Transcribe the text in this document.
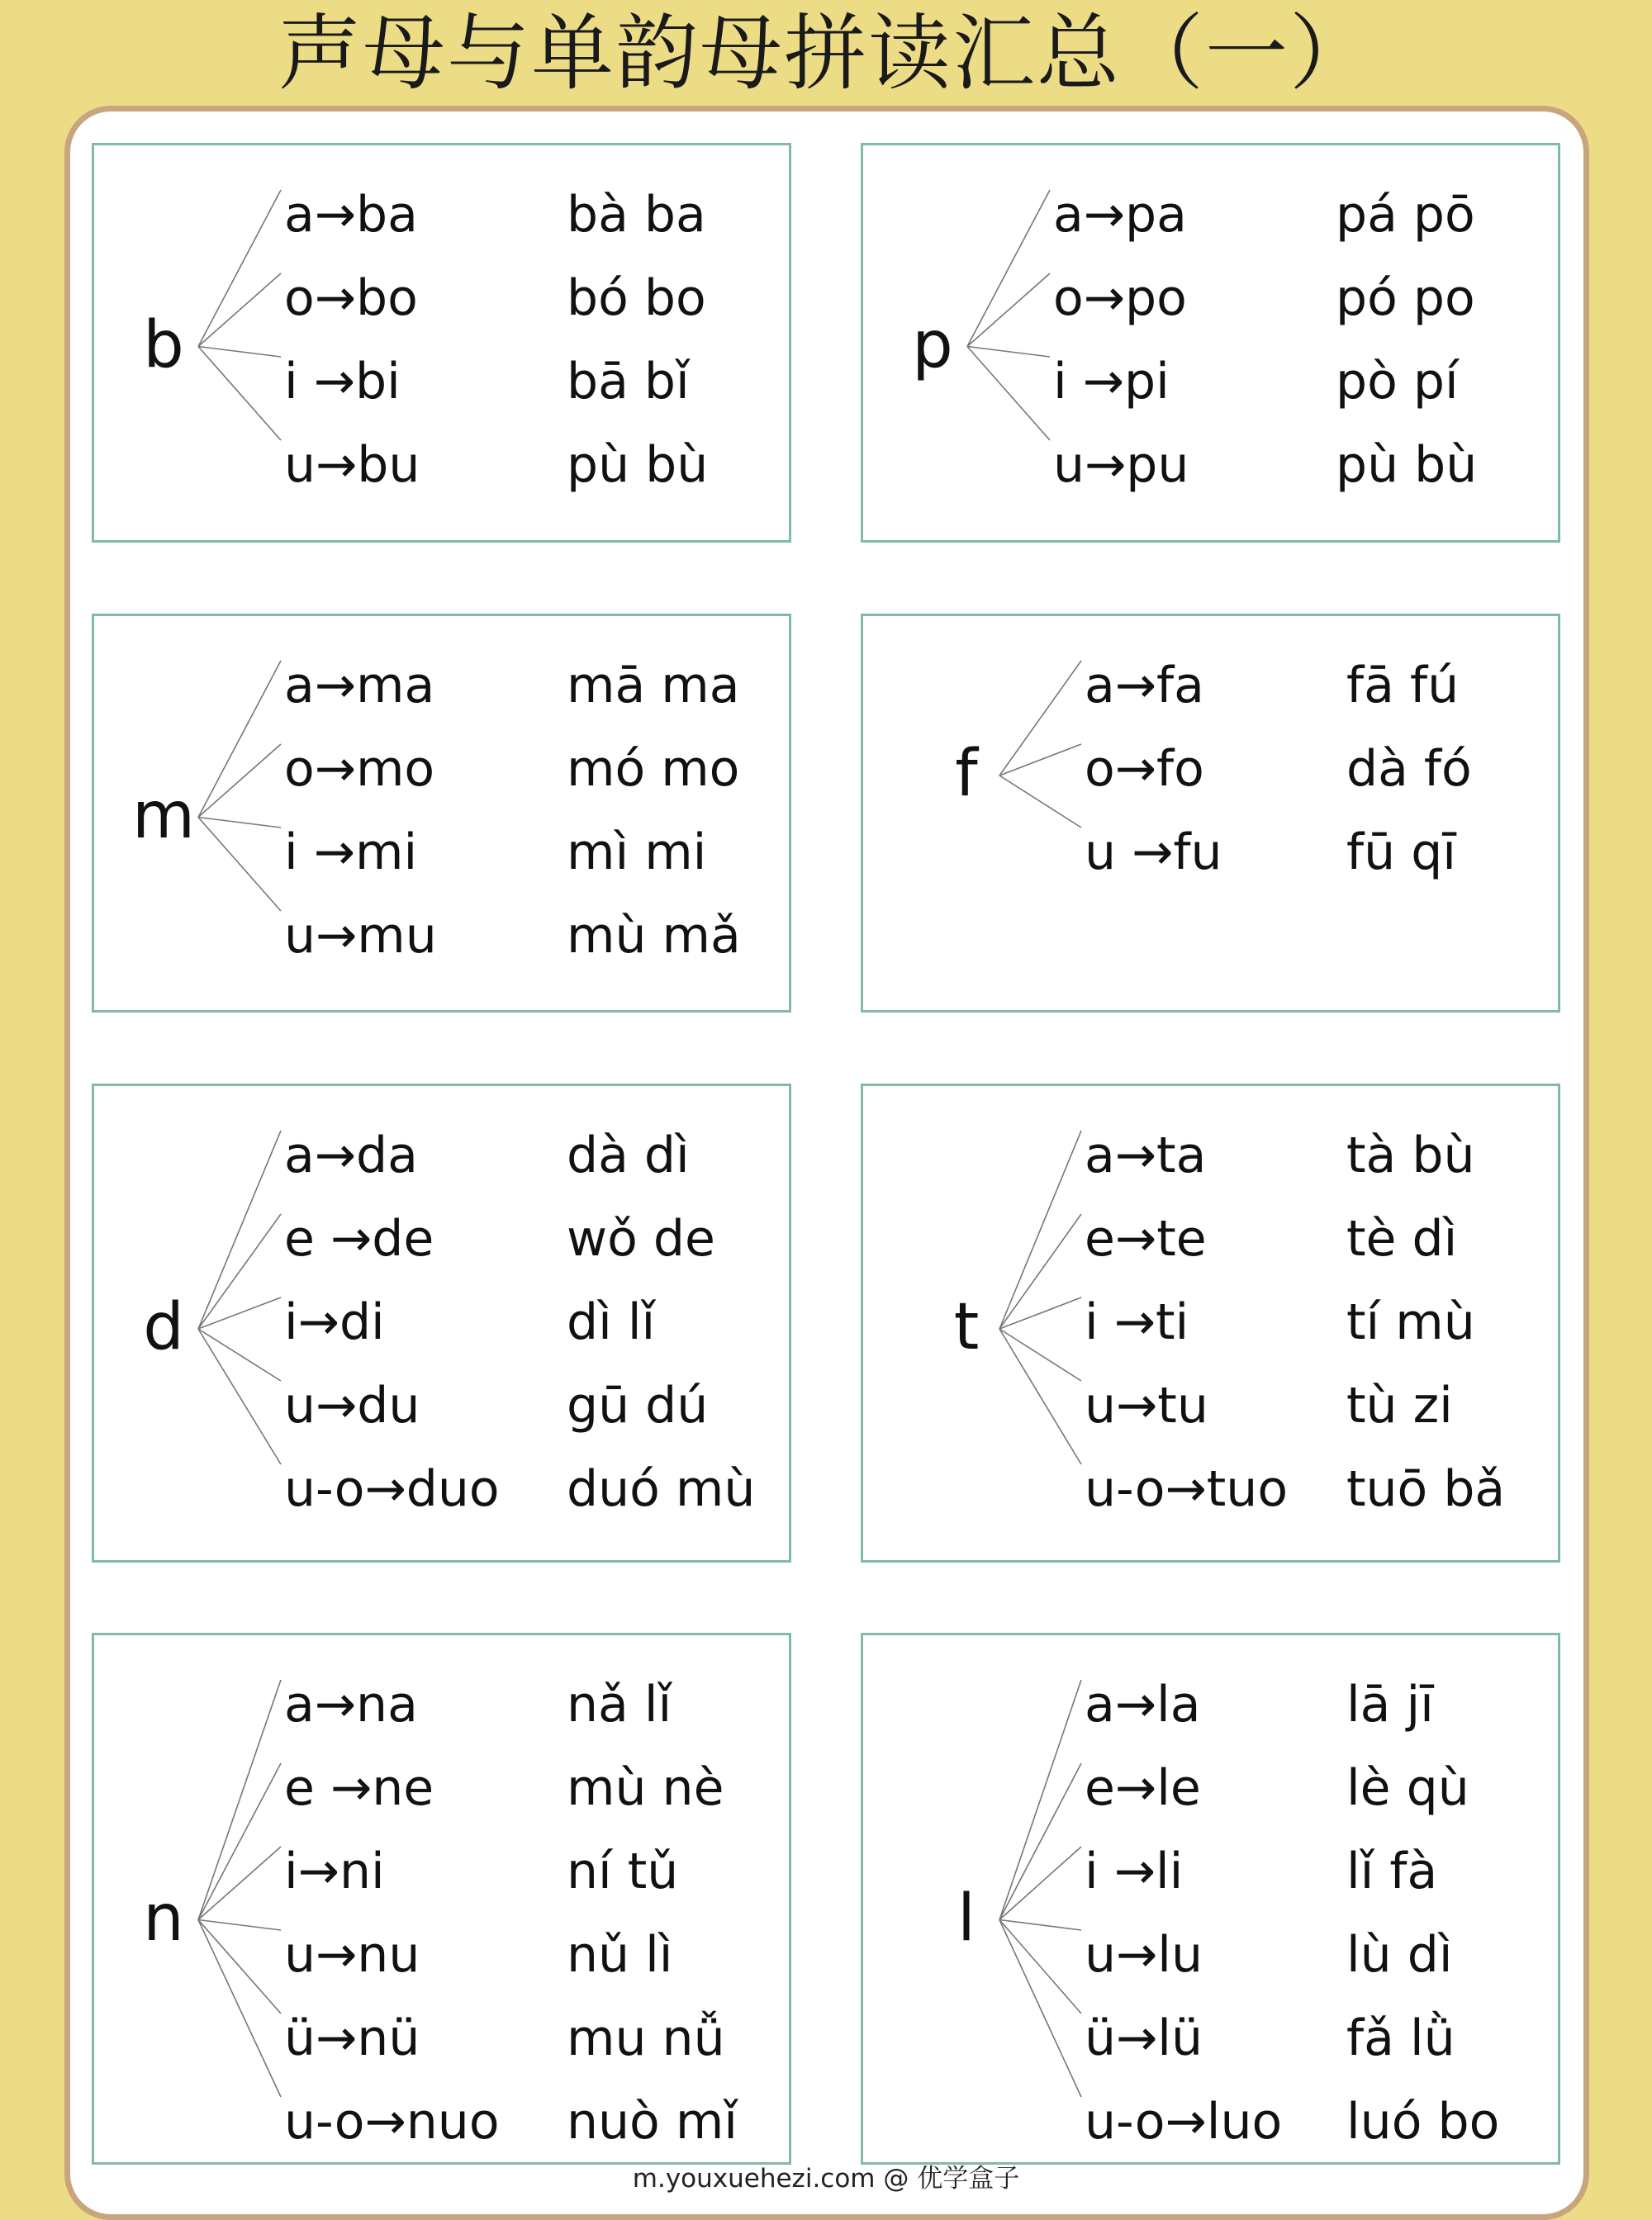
声母与单韵母拼读汇总（一）
b
a→ba	bà ba
o→bo	bó bo
i →bi	bā bǐ
u→bu	pù bù
p
a→pa	pá pō
o→po	pó po
i →pi	pò pí
u→pu	pù bù
m
a→ma	mā ma
o→mo	mó mo
i →mi	mì mi
u→mu	mù mǎ
f
a→fa	fā fú
o→fo	dà fó
u →fu	fū qī
d
a→da	dà dì
e →de	wǒ de
i→di	dì lǐ
u→du	gū dú
u-o→duo duó mù
t
a→ta	tà bù
e→te	tè dì
i →ti	tí mù
u→tu	tù zi
u-o→tuo tuō bǎ
n
a→na	nǎ lǐ
e →ne	mù nè
i→ni	ní tǔ
u→nu	nǔ lì
ü→nü	mu nǚ
u-o→nuo nuò mǐ
l
a→la	lā jī
e→le	lè qù
i →li	lǐ fà
u→lu	lù dì
ü→lü	fǎ lǜ
u-o→luo luó bo
m.youxuehezi.com @ 优学盒子
